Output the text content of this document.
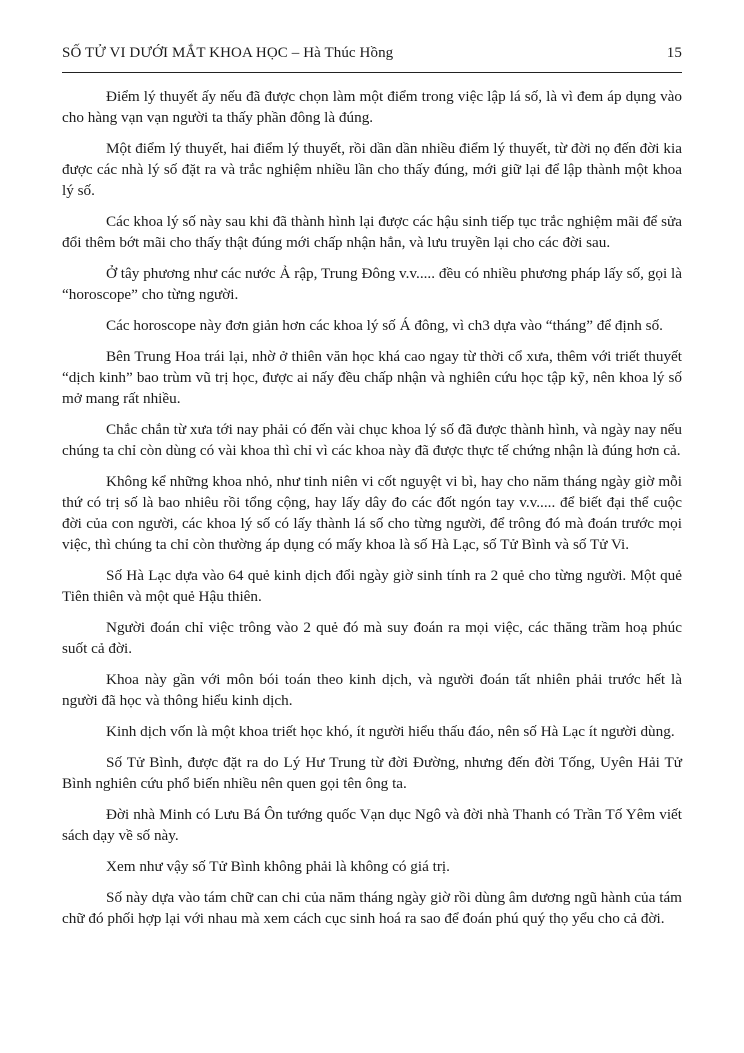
SỐ TỬ VI DƯỚI MẮT KHOA HỌC – Hà Thúc Hồng	15

Điểm lý thuyết ấy nếu đã được chọn làm một điểm trong việc lập lá số, là vì đem áp dụng vào cho hàng vạn vạn người ta thấy phần đông là đúng.

Một điểm lý thuyết, hai điểm lý thuyết, rồi dần dần nhiều điểm lý thuyết, từ đời nọ đến đời kia được các nhà lý số đặt ra và trắc nghiệm nhiều lần cho thấy đúng, mới giữ lại để lập thành một khoa lý số.

Các khoa lý số này sau khi đã thành hình lại được các hậu sinh tiếp tục trắc nghiệm mãi để sửa đổi thêm bớt mãi cho thấy thật đúng mới chấp nhận hẳn, và lưu truyền lại cho các đời sau.

Ở tây phương như các nước Ả rập, Trung Đông v.v..... đều có nhiều phương pháp lấy số, gọi là “horoscope” cho từng người.

Các horoscope này đơn giản hơn các khoa lý số Á đông, vì ch3 dựa vào “tháng” để định số.

Bên Trung Hoa trái lại, nhờ ở thiên văn học khá cao ngay từ thời cổ xưa, thêm với triết thuyết “dịch kinh” bao trùm vũ trị học, được ai nấy đều chấp nhận và nghiên cứu học tập kỹ, nên khoa lý số mở mang rất nhiều.

Chắc chắn từ xưa tới nay phải có đến vài chục khoa lý số đã được thành hình, và ngày nay nếu chúng ta chỉ còn dùng có vài khoa thì chỉ vì các khoa này đã được thực tế chứng nhận là đúng hơn cả.

Không kể những khoa nhỏ, như tinh niên vi cốt nguyệt vi bì, hay cho năm tháng ngày giờ mỗi thứ có trị số là bao nhiêu rồi tổng cộng, hay lấy dây đo các đốt ngón tay v.v..... để biết đại thể cuộc đời của con người, các khoa lý số có lấy thành lá số cho từng người, để trông đó mà đoán trước mọi việc, thì chúng ta chỉ còn thường áp dụng có mấy khoa là số Hà Lạc, số Tử Bình và số Tử Vi.

Số Hà Lạc dựa vào 64 quẻ kinh dịch đổi ngày giờ sinh tính ra 2 quẻ cho từng người. Một quẻ Tiên thiên và một quẻ Hậu thiên.

Người đoán chỉ việc trông vào 2 quẻ đó mà suy đoán ra mọi việc, các thăng trầm hoạ phúc suốt cả đời.

Khoa này gần với môn bói toán theo kinh dịch, và người đoán tất nhiên phải trước hết là người đã học và thông hiểu kinh dịch.

Kinh dịch vốn là một khoa triết học khó, ít người hiểu thấu đáo, nên số Hà Lạc ít người dùng.

Số Tử Bình, được đặt ra do Lý Hư Trung từ đời Đường, nhưng đến đời Tống, Uyên Hải Tử Bình nghiên cứu phổ biến nhiều nên quen gọi tên ông ta.

Đời nhà Minh có Lưu Bá Ôn tướng quốc Vạn dục Ngô và đời nhà Thanh có Trần Tố Yêm viết sách dạy về số này.

Xem như vậy số Tử Bình không phải là không có giá trị.

Số này dựa vào tám chữ can chi của năm tháng ngày giờ rồi dùng âm dương ngũ hành của tám chữ đó phối hợp lại với nhau mà xem cách cục sinh hoá ra sao để đoán phú quý thọ yểu cho cả đời.
